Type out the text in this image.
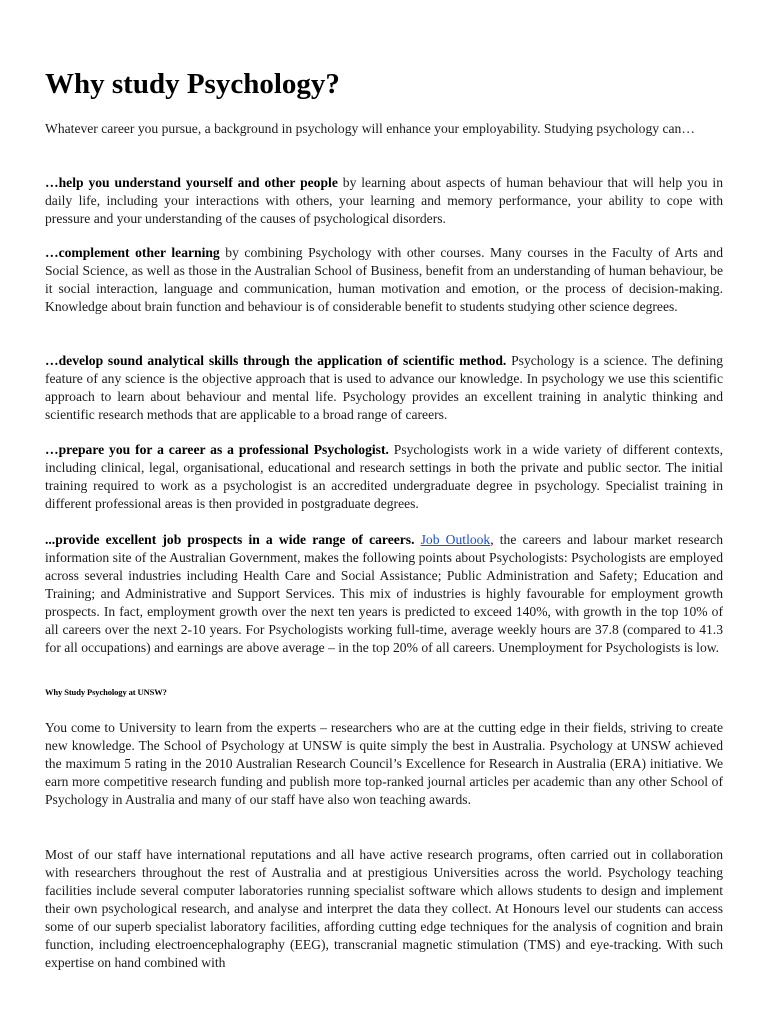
Why study Psychology?

Whatever career you pursue, a background in psychology will enhance your employability. Studying psychology can…

…help you understand yourself and other people by learning about aspects of human behaviour that will help you in daily life, including your interactions with others, your learning and memory performance, your ability to cope with pressure and your understanding of the causes of psychological disorders.

…complement other learning by combining Psychology with other courses. Many courses in the Faculty of Arts and Social Science, as well as those in the Australian School of Business, benefit from an understanding of human behaviour, be it social interaction, language and communication, human motivation and emotion, or the process of decision-making. Knowledge about brain function and behaviour is of considerable benefit to students studying other science degrees.

…develop sound analytical skills through the application of scientific method. Psychology is a science. The defining feature of any science is the objective approach that is used to advance our knowledge. In psychology we use this scientific approach to learn about behaviour and mental life. Psychology provides an excellent training in analytic thinking and scientific research methods that are applicable to a broad range of careers.

…prepare you for a career as a professional Psychologist. Psychologists work in a wide variety of different contexts, including clinical, legal, organisational, educational and research settings in both the private and public sector. The initial training required to work as a psychologist is an accredited undergraduate degree in psychology. Specialist training in different professional areas is then provided in postgraduate degrees.

...provide excellent job prospects in a wide range of careers. Job Outlook, the careers and labour market research information site of the Australian Government, makes the following points about Psychologists: Psychologists are employed across several industries including Health Care and Social Assistance; Public Administration and Safety; Education and Training; and Administrative and Support Services. This mix of industries is highly favourable for employment growth prospects. In fact, employment growth over the next ten years is predicted to exceed 140%, with growth in the top 10% of all careers over the next 2-10 years. For Psychologists working full-time, average weekly hours are 37.8 (compared to 41.3 for all occupations) and earnings are above average – in the top 20% of all careers. Unemployment for Psychologists is low.

Why Study Psychology at UNSW?

You come to University to learn from the experts – researchers who are at the cutting edge in their fields, striving to create new knowledge. The School of Psychology at UNSW is quite simply the best in Australia. Psychology at UNSW achieved the maximum 5 rating in the 2010 Australian Research Council’s Excellence for Research in Australia (ERA) initiative. We earn more competitive research funding and publish more top-ranked journal articles per academic than any other School of Psychology in Australia and many of our staff have also won teaching awards.

Most of our staff have international reputations and all have active research programs, often carried out in collaboration with researchers throughout the rest of Australia and at prestigious Universities across the world. Psychology teaching facilities include several computer laboratories running specialist software which allows students to design and implement their own psychological research, and analyse and interpret the data they collect. At Honours level our students can access some of our superb specialist laboratory facilities, affording cutting edge techniques for the analysis of cognition and brain function, including electroencephalography (EEG), transcranial magnetic stimulation (TMS) and eye-tracking. With such expertise on hand combined with
